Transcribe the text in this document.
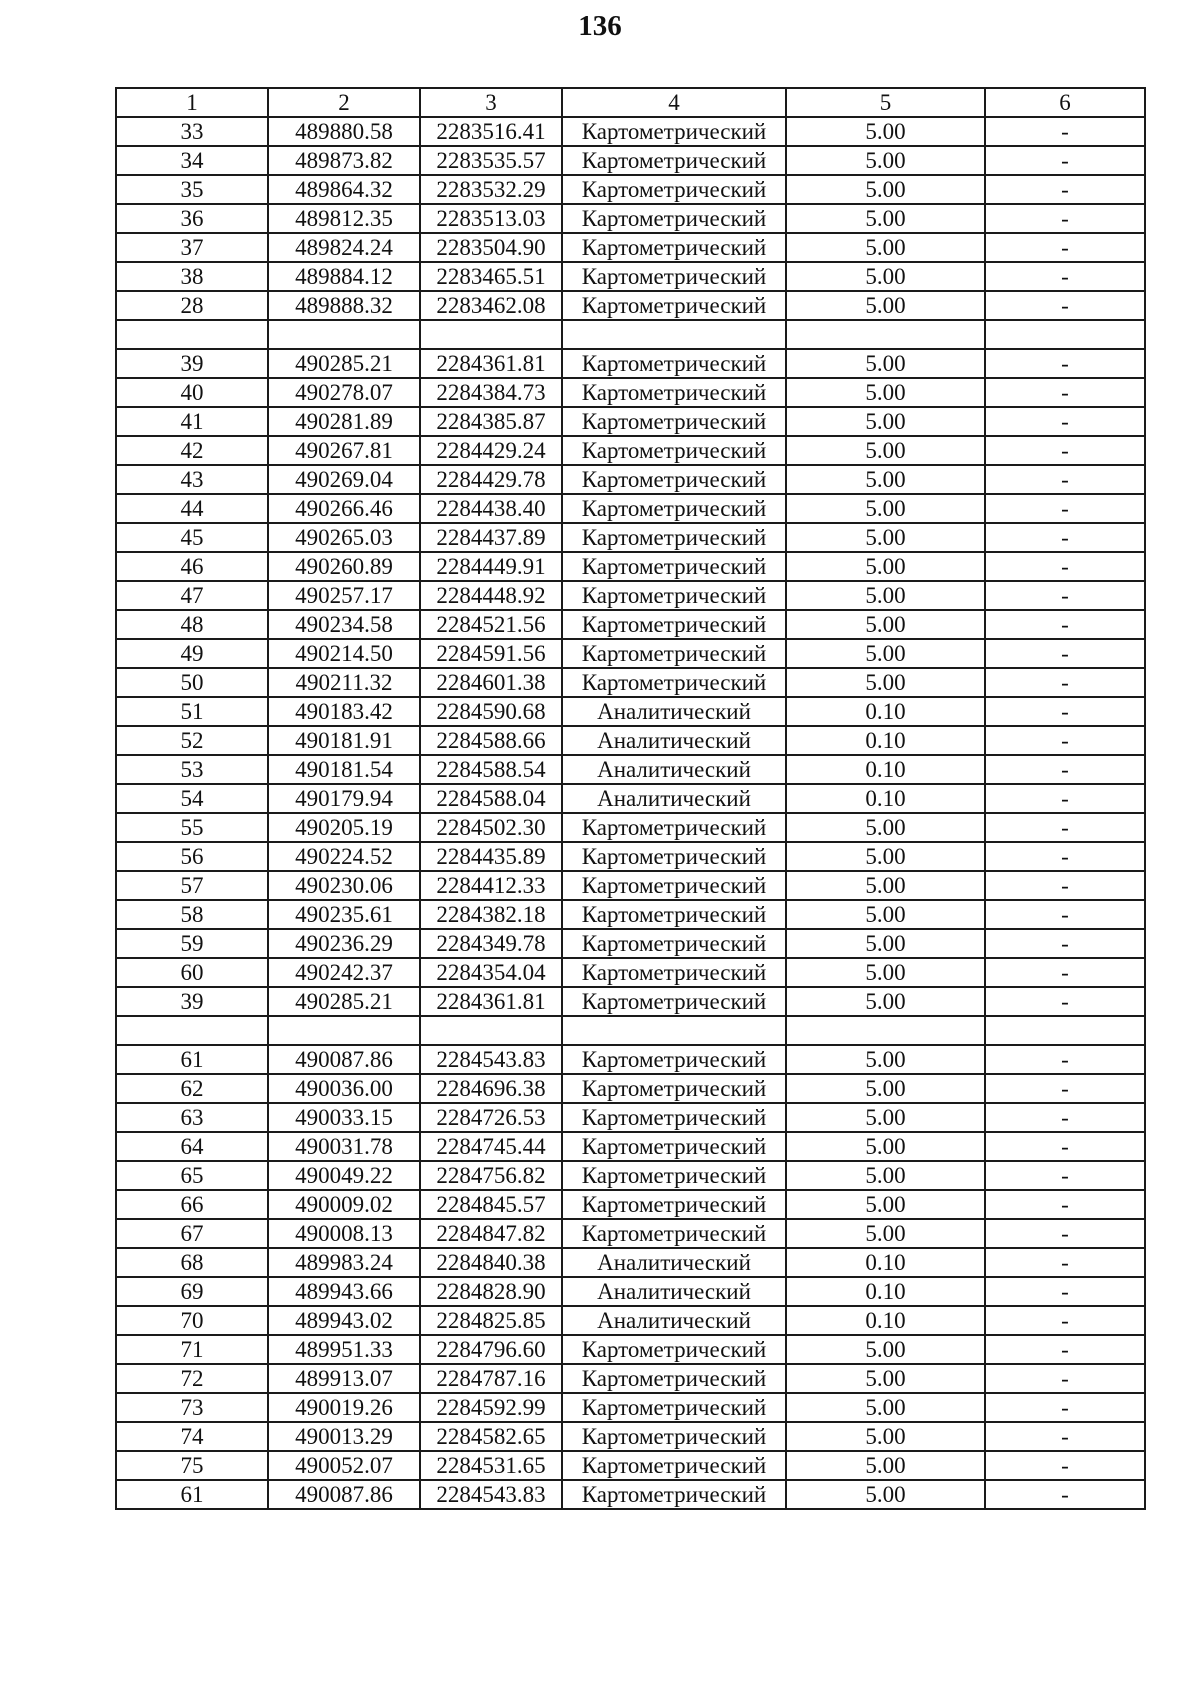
136
1	2	3	4	5	6
33	489880.58	2283516.41	Картометрический	5.00	-
34	489873.82	2283535.57	Картометрический	5.00	-
35	489864.32	2283532.29	Картометрический	5.00	-
36	489812.35	2283513.03	Картометрический	5.00	-
37	489824.24	2283504.90	Картометрический	5.00	-
38	489884.12	2283465.51	Картометрический	5.00	-
28	489888.32	2283462.08	Картометрический	5.00	-

39	490285.21	2284361.81	Картометрический	5.00	-
40	490278.07	2284384.73	Картометрический	5.00	-
41	490281.89	2284385.87	Картометрический	5.00	-
42	490267.81	2284429.24	Картометрический	5.00	-
43	490269.04	2284429.78	Картометрический	5.00	-
44	490266.46	2284438.40	Картометрический	5.00	-
45	490265.03	2284437.89	Картометрический	5.00	-
46	490260.89	2284449.91	Картометрический	5.00	-
47	490257.17	2284448.92	Картометрический	5.00	-
48	490234.58	2284521.56	Картометрический	5.00	-
49	490214.50	2284591.56	Картометрический	5.00	-
50	490211.32	2284601.38	Картометрический	5.00	-
51	490183.42	2284590.68	Аналитический	0.10	-
52	490181.91	2284588.66	Аналитический	0.10	-
53	490181.54	2284588.54	Аналитический	0.10	-
54	490179.94	2284588.04	Аналитический	0.10	-
55	490205.19	2284502.30	Картометрический	5.00	-
56	490224.52	2284435.89	Картометрический	5.00	-
57	490230.06	2284412.33	Картометрический	5.00	-
58	490235.61	2284382.18	Картометрический	5.00	-
59	490236.29	2284349.78	Картометрический	5.00	-
60	490242.37	2284354.04	Картометрический	5.00	-
39	490285.21	2284361.81	Картометрический	5.00	-

61	490087.86	2284543.83	Картометрический	5.00	-
62	490036.00	2284696.38	Картометрический	5.00	-
63	490033.15	2284726.53	Картометрический	5.00	-
64	490031.78	2284745.44	Картометрический	5.00	-
65	490049.22	2284756.82	Картометрический	5.00	-
66	490009.02	2284845.57	Картометрический	5.00	-
67	490008.13	2284847.82	Картометрический	5.00	-
68	489983.24	2284840.38	Аналитический	0.10	-
69	489943.66	2284828.90	Аналитический	0.10	-
70	489943.02	2284825.85	Аналитический	0.10	-
71	489951.33	2284796.60	Картометрический	5.00	-
72	489913.07	2284787.16	Картометрический	5.00	-
73	490019.26	2284592.99	Картометрический	5.00	-
74	490013.29	2284582.65	Картометрический	5.00	-
75	490052.07	2284531.65	Картометрический	5.00	-
61	490087.86	2284543.83	Картометрический	5.00	-
